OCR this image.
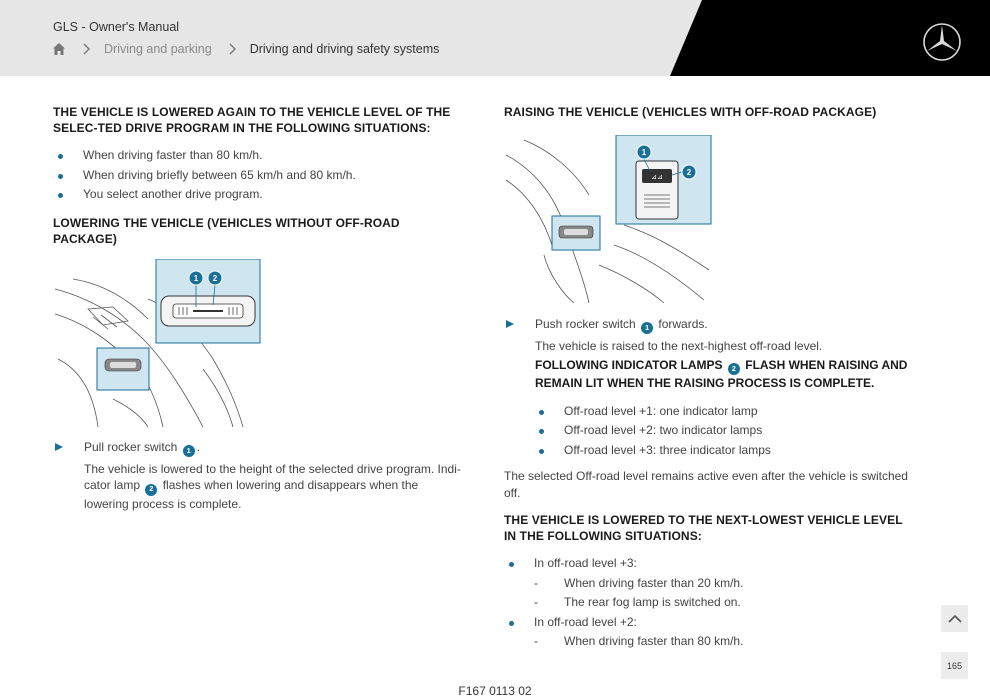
GLS - Owner's Manual
Driving and parking	Driving and driving safety systems
THE VEHICLE IS LOWERED AGAIN TO THE VEHICLE LEVEL OF THE SELEC-TED DRIVE PROGRAM IN THE FOLLOWING SITUATIONS:
When driving faster than 80 km/h.
When driving briefly between 65 km/h and 80 km/h.
You select another drive program.
LOWERING THE VEHICLE (VEHICLES WITHOUT OFF-ROAD PACKAGE)
1 2
Pull rocker switch 1 .
The vehicle is lowered to the height of the selected drive program. Indi-cator lamp 2 flashes when lowering and disappears when the lowering process is complete.
RAISING THE VEHICLE (VEHICLES WITH OFF-ROAD PACKAGE)
⊿⊿
1
2
Push rocker switch 1 forwards.
The vehicle is raised to the next-highest off-road level.
FOLLOWING INDICATOR LAMPS 2 FLASH WHEN RAISING AND REMAIN LIT WHEN THE RAISING PROCESS IS COMPLETE.
Off-road level +1: one indicator lamp
Off-road level +2: two indicator lamps
Off-road level +3: three indicator lamps
The selected Off-road level remains active even after the vehicle is switched off.
THE VEHICLE IS LOWERED TO THE NEXT-LOWEST VEHICLE LEVEL IN THE FOLLOWING SITUATIONS:
In off-road level +3:
- When driving faster than 20 km/h.
- The rear fog lamp is switched on.
In off-road level +2:
- When driving faster than 80 km/h.
165
F167 0113 02
